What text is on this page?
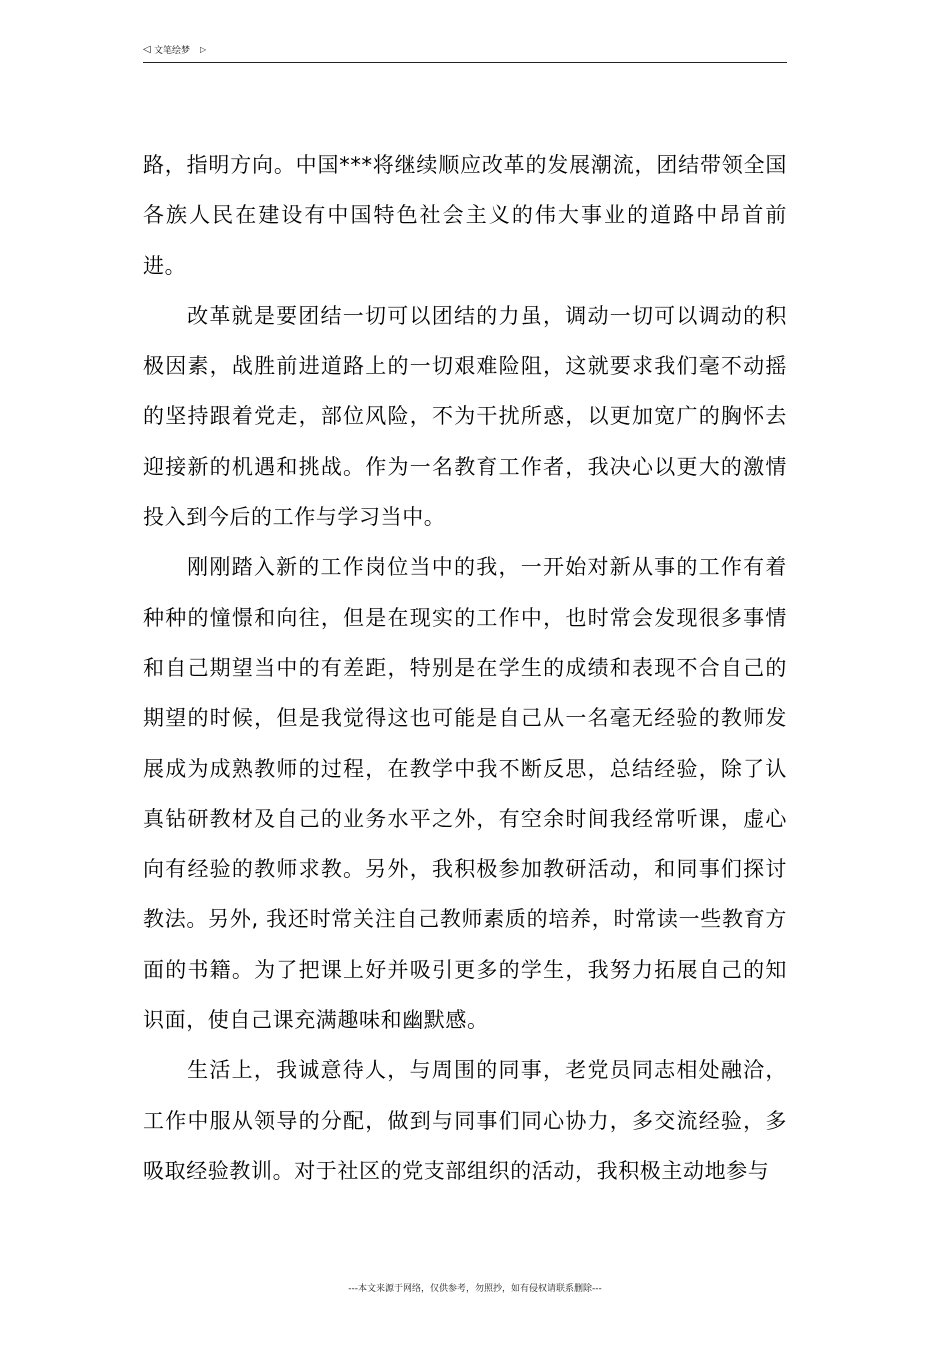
◁ 文笔绘梦 ▷

路，指明方向。中国***将继续顺应改革的发展潮流，团结带领全国各族人民在建设有中国特色社会主义的伟大事业的道路中昂首前进。

改革就是要团结一切可以团结的力虽，调动一切可以调动的积极因素，战胜前进道路上的一切艰难险阻，这就要求我们毫不动摇的坚持跟着党走，部位风险，不为干扰所惑，以更加宽广的胸怀去迎接新的机遇和挑战。作为一名教育工作者，我决心以更大的激情投入到今后的工作与学习当中。

刚刚踏入新的工作岗位当中的我，一开始对新从事的工作有着种种的憧憬和向往，但是在现实的工作中，也时常会发现很多事情和自己期望当中的有差距，特别是在学生的成绩和表现不合自己的期望的时候，但是我觉得这也可能是自己从一名毫无经验的教师发展成为成熟教师的过程，在教学中我不断反思，总结经验，除了认真钻研教材及自己的业务水平之外，有空余时间我经常听课，虚心向有经验的教师求教。另外，我积极参加教研活动，和同事们探讨教法。另外, 我还时常关注自己教师素质的培养，时常读一些教育方面的书籍。为了把课上好并吸引更多的学生，我努力拓展自己的知识面，使自己课充满趣味和幽默感。

生活上，我诚意待人，与周围的同事，老党员同志相处融洽，工作中服从领导的分配，做到与同事们同心协力，多交流经验，多吸取经验教训。对于社区的党支部组织的活动，我积极主动地参与

---本文来源于网络，仅供参考，勿照抄，如有侵权请联系删除---
